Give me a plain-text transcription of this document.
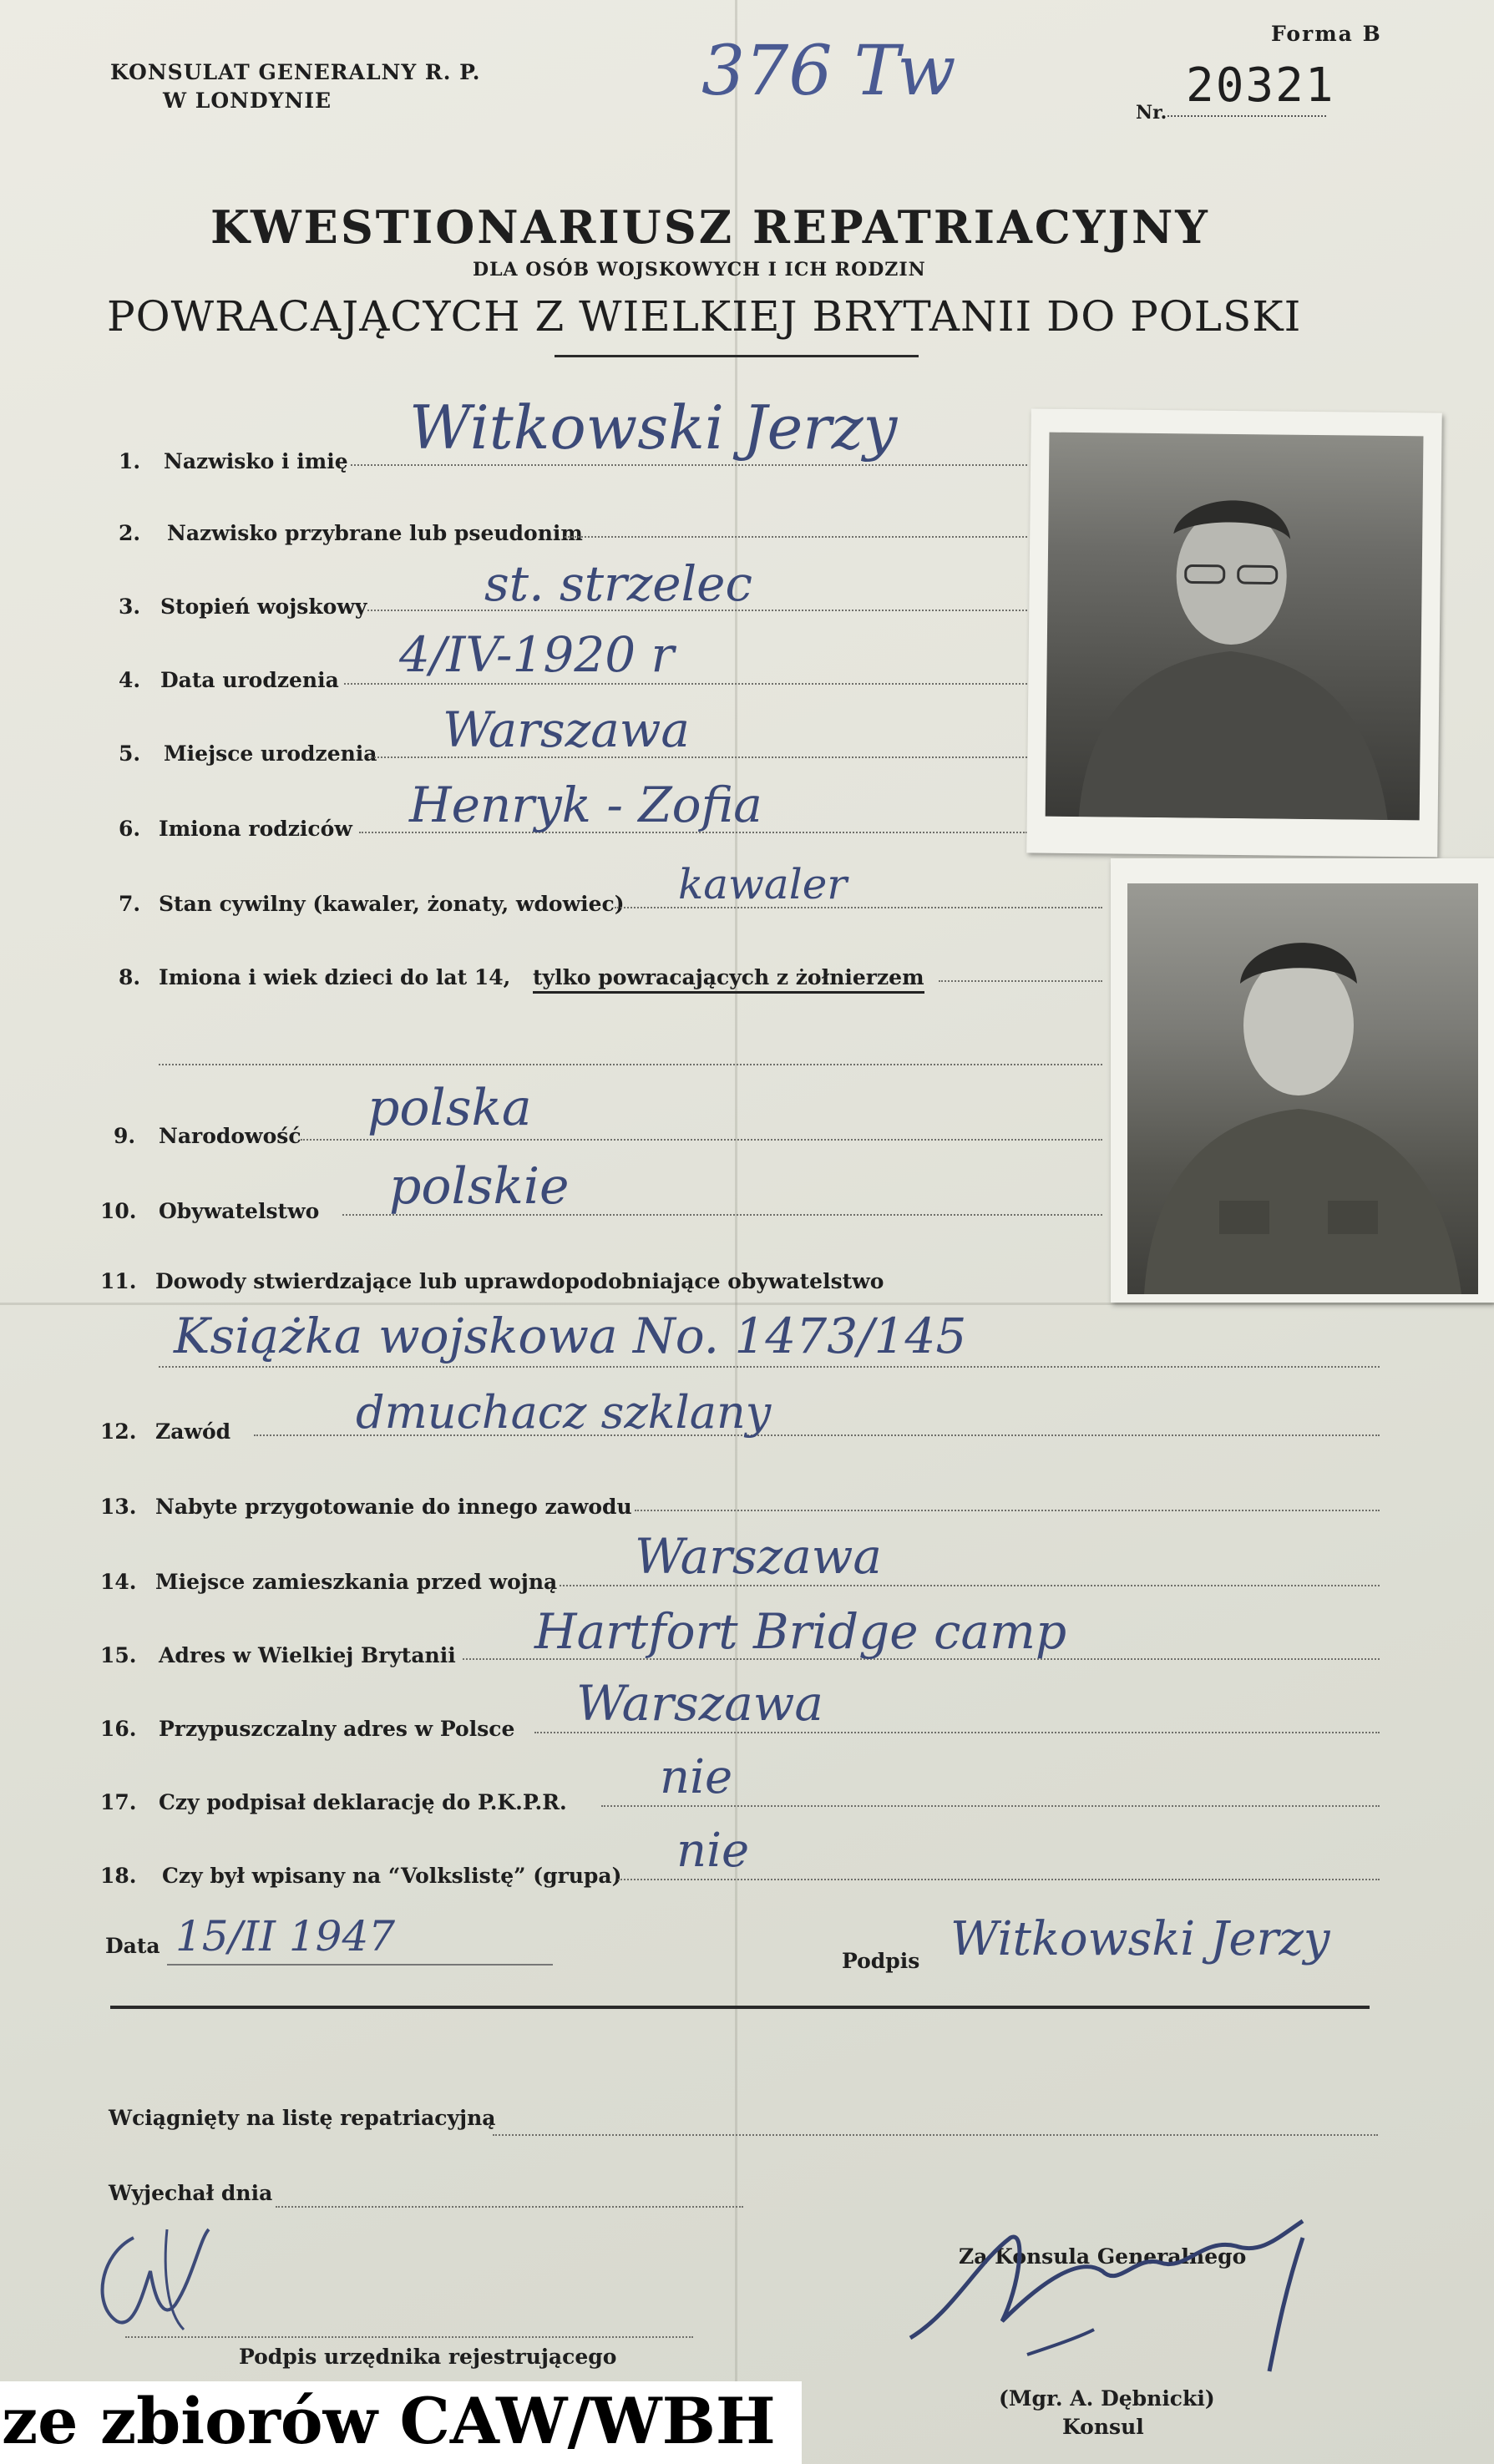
KONSULAT GENERALNY R. P.
W LONDYNIE
Forma B
376 Tw
Nr. 20321
KWESTIONARIUSZ REPATRIACYJNY
DLA OSÓB WOJSKOWYCH I ICH RODZIN
POWRACAJĄCYCH Z WIELKIEJ BRYTANII DO POLSKI
1. Nazwisko i imię Witkowski Jerzy
2. Nazwisko przybrane lub pseudonim
3. Stopień wojskowy st. strzelec
4. Data urodzenia 4/IV-1920 r
5. Miejsce urodzenia Warszawa
6. Imiona rodziców Henryk - Zofia
7. Stan cywilny (kawaler, żonaty, wdowiec) kawaler
8. Imiona i wiek dzieci do lat 14, tylko powracających z żołnierzem
9. Narodowość polska
10. Obywatelstwo polskie
11. Dowody stwierdzające lub uprawdopodobniające obywatelstwo
Książka wojskowa No. 1473/145
12. Zawód	dmuchacz szklany
13. Nabyte przygotowanie do innego zawodu
14. Miejsce zamieszkania przed wojną Warszawa
15. Adres w Wielkiej Brytanii Hartfort Bridge camp
16. Przypuszczalny adres w Polsce Warszawa
17. Czy podpisał deklarację do P.K.P.R. nie
18. Czy był wpisany na “Volkslistę” (grupa) nie
Data 15/II 1947
Podpis Witkowski Jerzy
Wciągnięty na listę repatriacyjną
Wyjechał dnia
Podpis urzędnika rejestrującego
Za Konsula Generalnego
(Mgr. A. Dębnicki)
Konsul
ze zbiorów CAW/WBH
